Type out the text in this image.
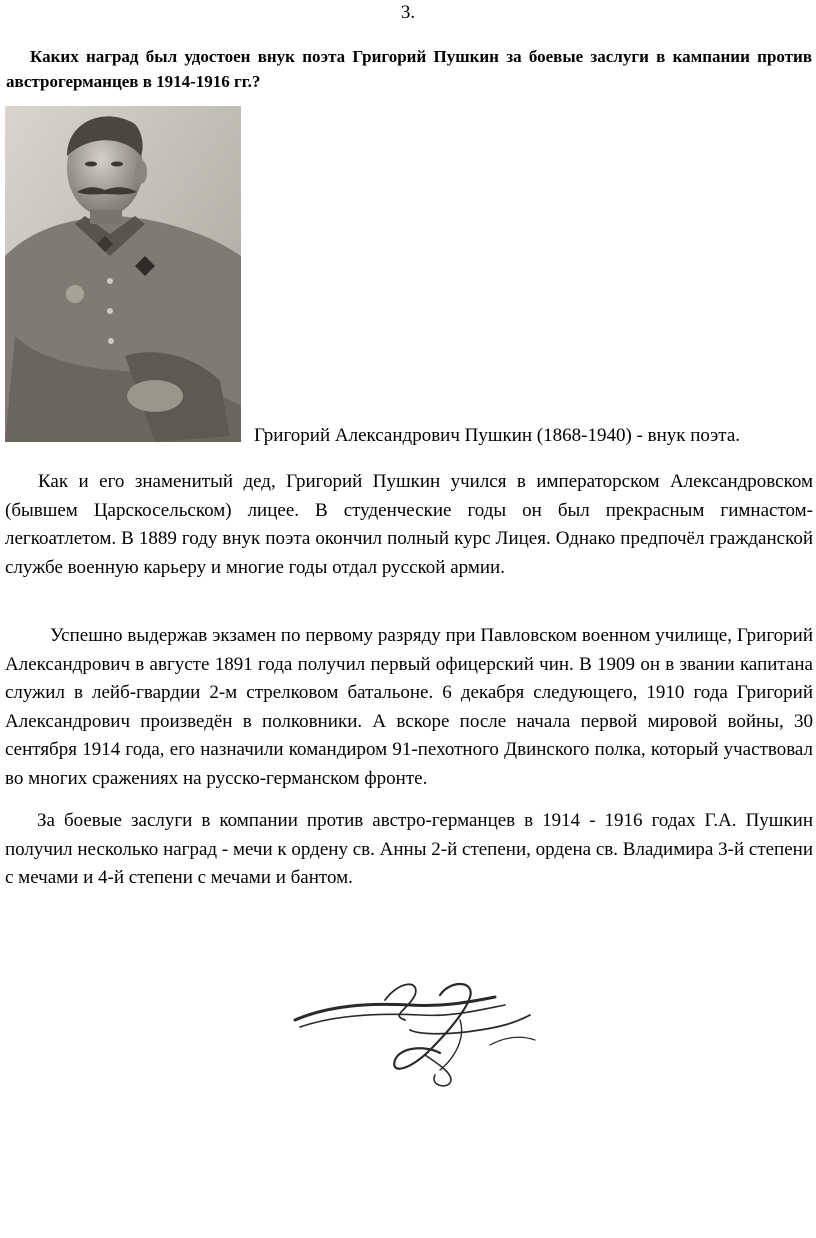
3.
Каких наград был удостоен внук поэта Григорий Пушкин за боевые заслуги в кампании против австрогерманцев в 1914-1916 гг.?
Григорий Александрович Пушкин (1868-1940) - внук поэта.

Как и его знаменитый дед, Григорий Пушкин учился в императорском Александровском (бывшем Царскосельском) лицее. В студенческие годы он был прекрасным гимнастом-легкоатлетом. В 1889 году внук поэта окончил полный курс Лицея. Однако предпочёл гражданской службе военную карьеру и многие годы отдал русской армии.

Успешно выдержав экзамен по первому разряду при Павловском военном училище, Григорий Александрович в августе 1891 года получил первый офицерский чин. В 1909 он в звании капитана служил в лейб-гвардии 2-м стрелковом батальоне. 6 декабря следующего, 1910 года Григорий Александрович произведён в полковники. А вскоре после начала первой мировой войны, 30 сентября 1914 года, его назначили командиром 91-пехотного Двинского полка, который участвовал во многих сражениях на русско-германском фронте.

За боевые заслуги в компании против австро-германцев в 1914 - 1916 годах Г.А. Пушкин получил несколько наград - мечи к ордену св. Анны 2-й степени, ордена св. Владимира 3-й степени с мечами и 4-й степени с мечами и бантом.
